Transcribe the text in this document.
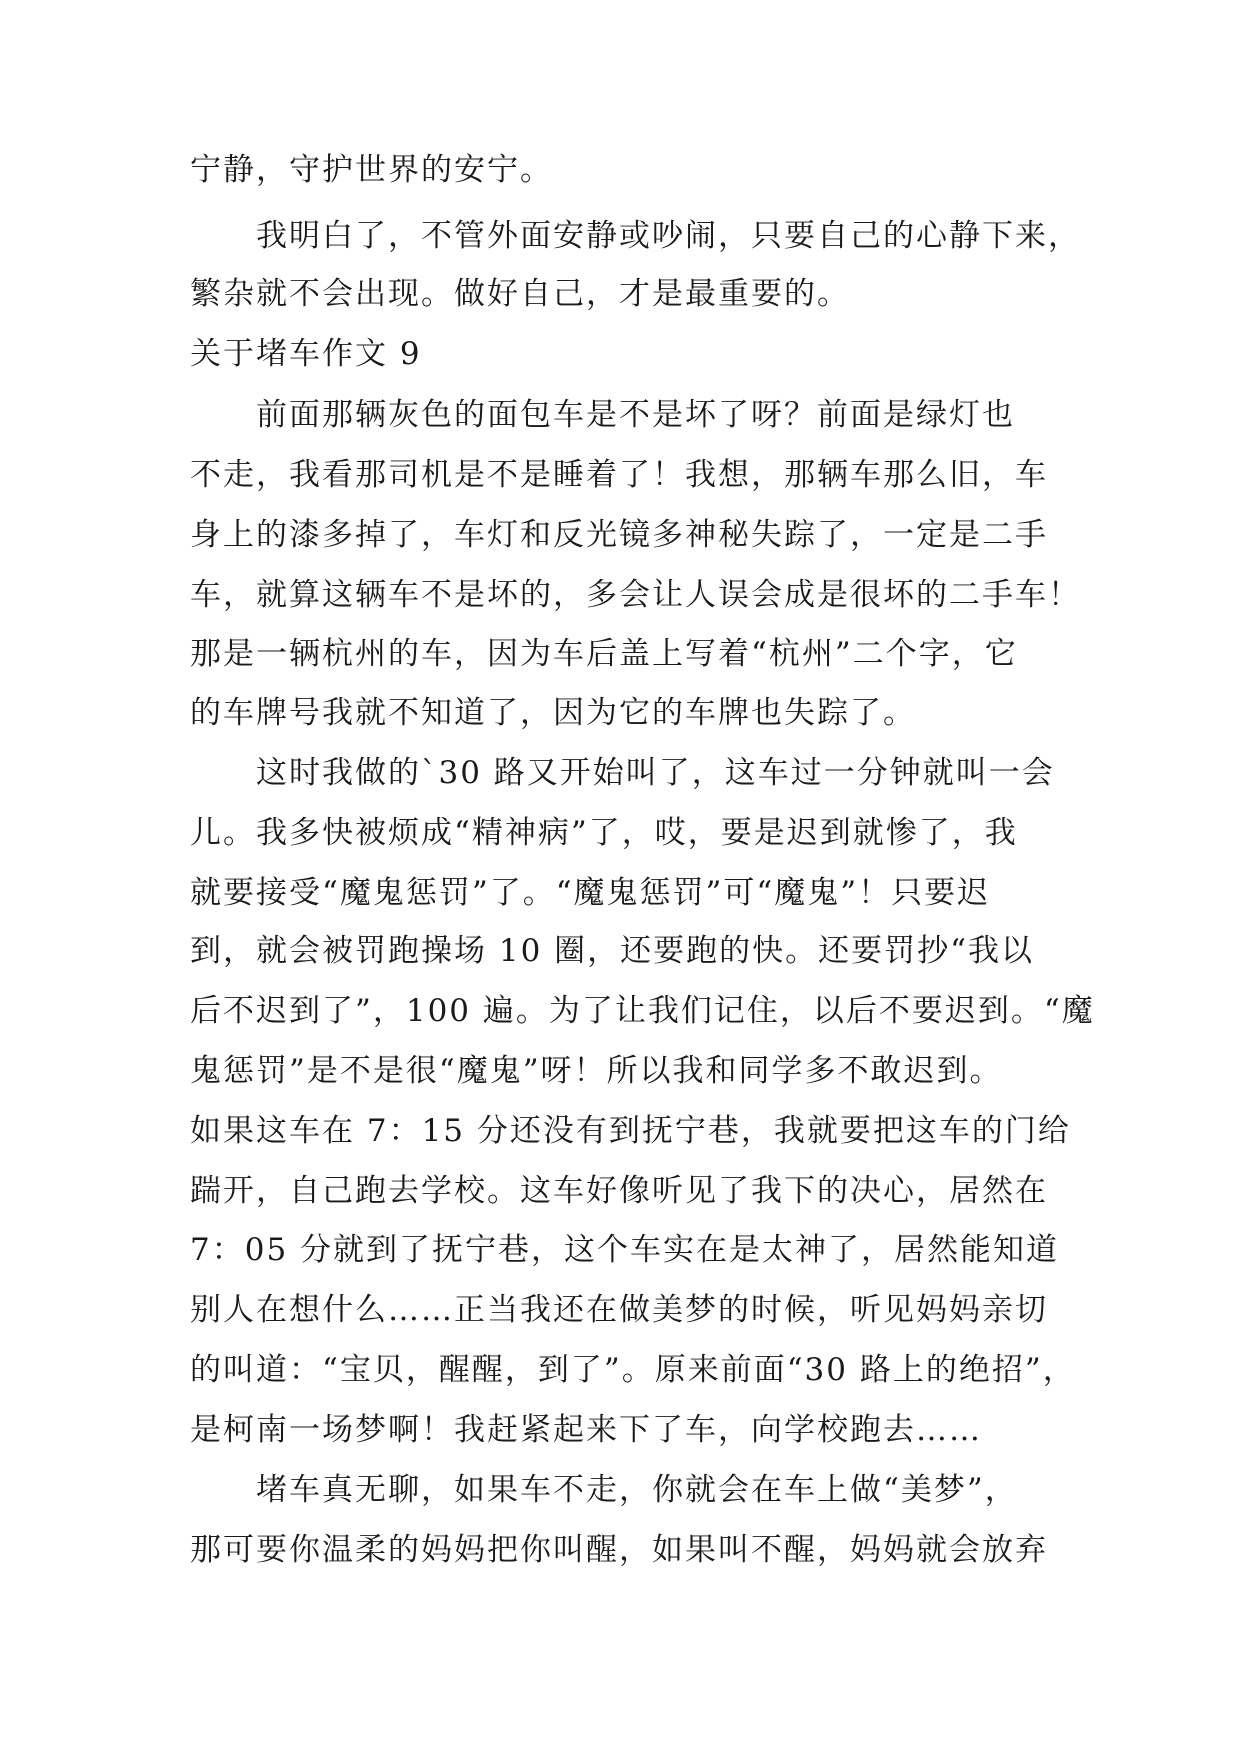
宁静，守护世界的安宁。
我明白了，不管外面安静或吵闹，只要自己的心静下来，
繁杂就不会出现。做好自己，才是最重要的。
关于堵车作文 9
前面那辆灰色的面包车是不是坏了呀？前面是绿灯也
不走，我看那司机是不是睡着了！我想，那辆车那么旧，车
身上的漆多掉了，车灯和反光镜多神秘失踪了，一定是二手
车，就算这辆车不是坏的，多会让人误会成是很坏的二手车！
那是一辆杭州的车，因为车后盖上写着“杭州”二个字，它
的车牌号我就不知道了，因为它的车牌也失踪了。
这时我做的`30 路又开始叫了，这车过一分钟就叫一会
儿。我多快被烦成“精神病”了，哎，要是迟到就惨了，我
就要接受“魔鬼惩罚”了。“魔鬼惩罚”可“魔鬼”！只要迟
到，就会被罚跑操场 10 圈，还要跑的快。还要罚抄“我以
后不迟到了”，100 遍。为了让我们记住，以后不要迟到。“魔
鬼惩罚”是不是很“魔鬼”呀！所以我和同学多不敢迟到。
如果这车在 7：15 分还没有到抚宁巷，我就要把这车的门给
踹开，自己跑去学校。这车好像听见了我下的决心，居然在
7：05 分就到了抚宁巷，这个车实在是太神了，居然能知道
别人在想什么……正当我还在做美梦的时候，听见妈妈亲切
的叫道：“宝贝，醒醒，到了”。原来前面“30 路上的绝招”，
是柯南一场梦啊！我赶紧起来下了车，向学校跑去……
堵车真无聊，如果车不走，你就会在车上做“美梦”，
那可要你温柔的妈妈把你叫醒，如果叫不醒，妈妈就会放弃
